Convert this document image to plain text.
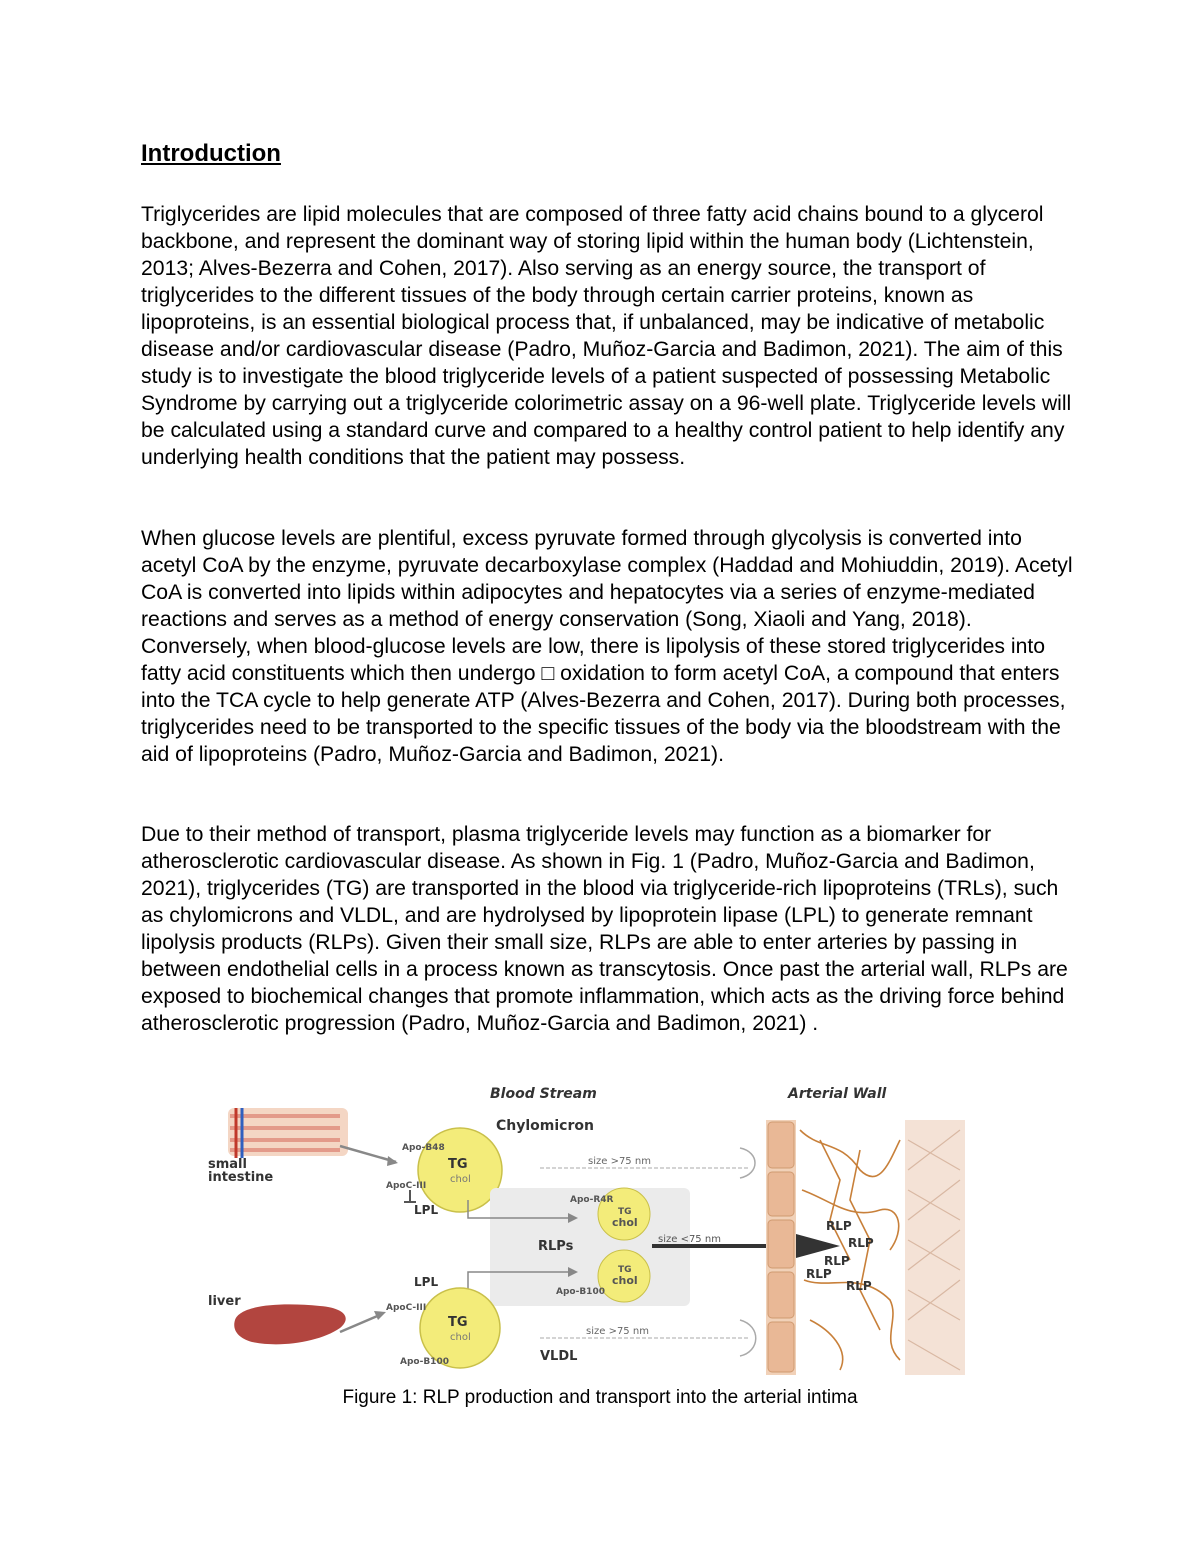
Introduction

Triglycerides are lipid molecules that are composed of three fatty acid chains bound to a glycerol backbone, and represent the dominant way of storing lipid within the human body (Lichtenstein, 2013; Alves-Bezerra and Cohen, 2017). Also serving as an energy source, the transport of triglycerides to the different tissues of the body through certain carrier proteins, known as lipoproteins, is an essential biological process that, if unbalanced, may be indicative of metabolic disease and/or cardiovascular disease (Padro, Muñoz-Garcia and Badimon, 2021). The aim of this study is to investigate the blood triglyceride levels of a patient suspected of possessing Metabolic Syndrome by carrying out a triglyceride colorimetric assay on a 96-well plate. Triglyceride levels will be calculated using a standard curve and compared to a healthy control patient to help identify any underlying health conditions that the patient may possess.

When glucose levels are plentiful, excess pyruvate formed through glycolysis is converted into acetyl CoA by the enzyme, pyruvate decarboxylase complex (Haddad and Mohiuddin, 2019). Acetyl CoA is converted into lipids within adipocytes and hepatocytes via a series of enzyme-mediated reactions and serves as a method of energy conservation (Song, Xiaoli and Yang, 2018). Conversely, when blood-glucose levels are low, there is lipolysis of these stored triglycerides into fatty acid constituents which then undergo □ oxidation to form acetyl CoA, a compound that enters into the TCA cycle to help generate ATP (Alves-Bezerra and Cohen, 2017). During both processes, triglycerides need to be transported to the specific tissues of the body via the bloodstream with the aid of lipoproteins (Padro, Muñoz-Garcia and Badimon, 2021).

Due to their method of transport, plasma triglyceride levels may function as a biomarker for atherosclerotic cardiovascular disease. As shown in Fig. 1 (Padro, Muñoz-Garcia and Badimon, 2021), triglycerides (TG) are transported in the blood via triglyceride-rich lipoproteins (TRLs), such as chylomicrons and VLDL, and are hydrolysed by lipoprotein lipase (LPL) to generate remnant lipolysis products (RLPs). Given their small size, RLPs are able to enter arteries by passing in between endothelial cells in a process known as transcytosis. Once past the arterial wall, RLPs are exposed to biochemical changes that promote inflammation, which acts as the driving force behind atherosclerotic progression (Padro, Muñoz-Garcia and Badimon, 2021) .

Blood Stream	Arterial Wall
Chylomicron
small
intestine
liver
Apo-B48
TG
chol
ApoC-III
LPL
size >75 nm
Apo-R4R
TG
chol
RLPs	size <75 nm
TG
chol
Apo-B100
LPL
ApoC-III
TG
chol
Apo-B100	VLDL
size >75 nm
RLP
RLP
RLP
RLP
RLP
Figure 1: RLP production and transport into the arterial intima
